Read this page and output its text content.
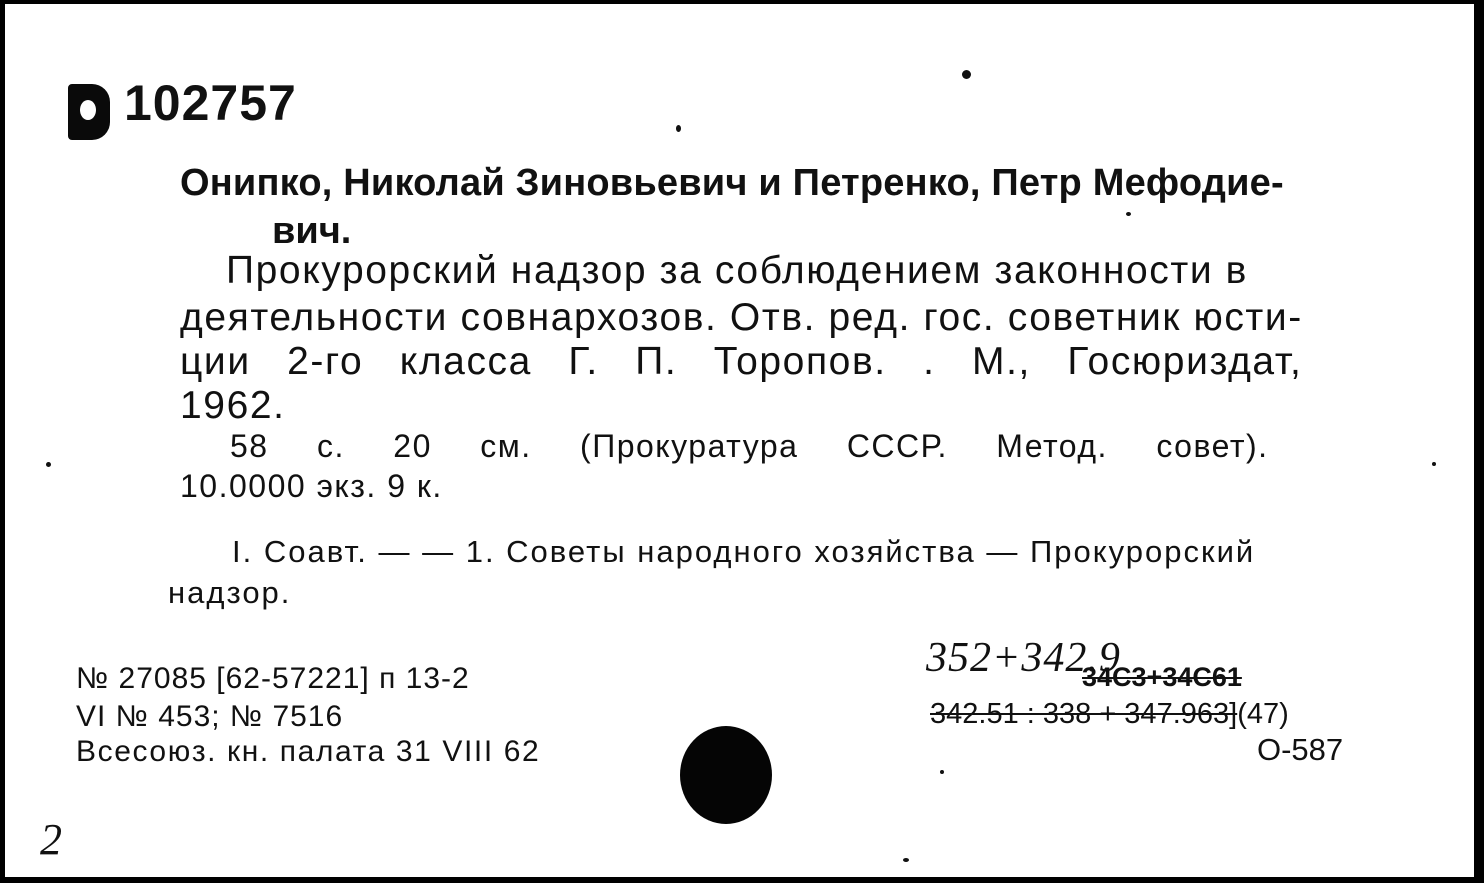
102757
Онипко, Николай Зиновьевич и Петренко, Петр Мефодие-
вич.
Прокурорский надзор за соблюдением законности в
деятельности совнархозов. Отв. ред. гос. советник юсти-
ции 2-го класса Г. П. Торопов. . М., Госюриздат,
1962.
58 с. 20 см. (Прокуратура СССР. Метод. совет).
10.0000 экз. 9 к.
I. Соавт. — — 1. Советы народного хозяйства — Прокурорский
надзор.
№ 27085 [62-57221] п 13-2
VI № 453; № 7516
Всесоюз. кн. палата 31 VIII 62
352+342.9
34С3+34С61
342.51 : 338 + 347.963](47)
О-587
2
